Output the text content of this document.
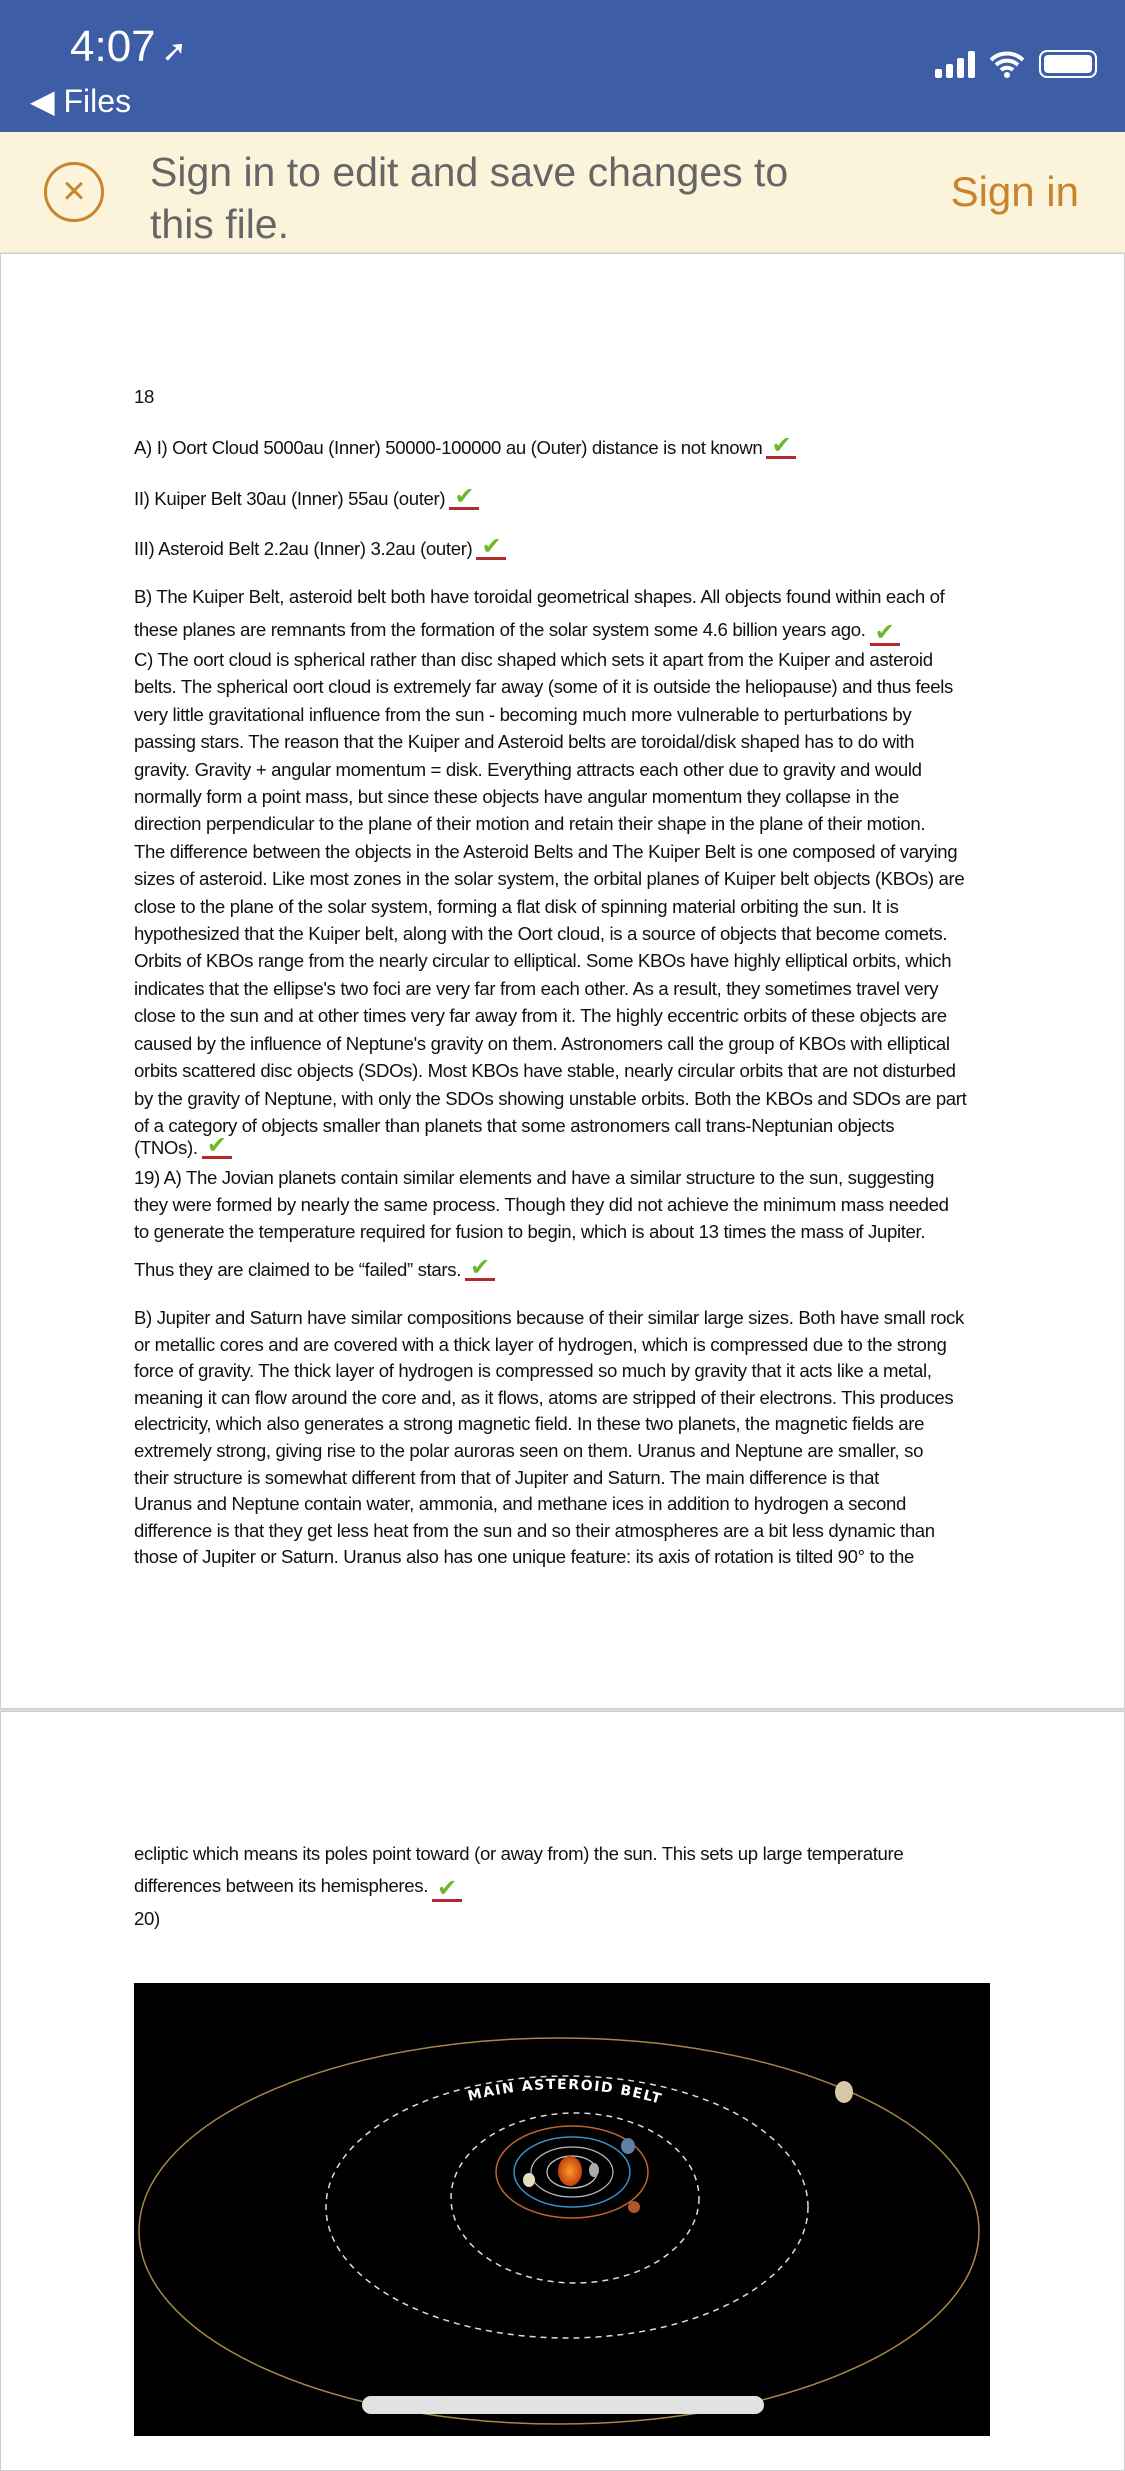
4:07 ➚
◀ Files
×	Sign in to edit and save changes to
this file.
Sign in
18
A) I) Oort Cloud 5000au (Inner) 50000-100000 au (Outer) distance is not known ✔
II) Kuiper Belt 30au (Inner) 55au (outer) ✔
III) Asteroid Belt 2.2au (Inner) 3.2au (outer) ✔
B) The Kuiper Belt, asteroid belt both have toroidal geometrical shapes. All objects found within each of
these planes are remnants from the formation of the solar system some 4.6 billion years ago. ✔
C) The oort cloud is spherical rather than disc shaped which sets it apart from the Kuiper and asteroid
belts. The spherical oort cloud is extremely far away (some of it is outside the heliopause) and thus feels
very little gravitational influence from the sun - becoming much more vulnerable to perturbations by
passing stars. The reason that the Kuiper and Asteroid belts are toroidal/disk shaped has to do with
gravity. Gravity + angular momentum = disk. Everything attracts each other due to gravity and would
normally form a point mass, but since these objects have angular momentum they collapse in the
direction perpendicular to the plane of their motion and retain their shape in the plane of their motion.
The difference between the objects in the Asteroid Belts and The Kuiper Belt is one composed of varying
sizes of asteroid. Like most zones in the solar system, the orbital planes of Kuiper belt objects (KBOs) are
close to the plane of the solar system, forming a flat disk of spinning material orbiting the sun. It is
hypothesized that the Kuiper belt, along with the Oort cloud, is a source of objects that become comets.
Orbits of KBOs range from the nearly circular to elliptical. Some KBOs have highly elliptical orbits, which
indicates that the ellipse's two foci are very far from each other. As a result, they sometimes travel very
close to the sun and at other times very far away from it. The highly eccentric orbits of these objects are
caused by the influence of Neptune's gravity on them. Astronomers call the group of KBOs with elliptical
orbits scattered disc objects (SDOs). Most KBOs have stable, nearly circular orbits that are not disturbed
by the gravity of Neptune, with only the SDOs showing unstable orbits. Both the KBOs and SDOs are part
of a category of objects smaller than planets that some astronomers call trans-Neptunian objects
(TNOs). ✔
19) A) The Jovian planets contain similar elements and have a similar structure to the sun, suggesting
they were formed by nearly the same process. Though they did not achieve the minimum mass needed
to generate the temperature required for fusion to begin, which is about 13 times the mass of Jupiter.
Thus they are claimed to be “failed” stars. ✔
B) Jupiter and Saturn have similar compositions because of their similar large sizes. Both have small rock
or metallic cores and are covered with a thick layer of hydrogen, which is compressed due to the strong
force of gravity. The thick layer of hydrogen is compressed so much by gravity that it acts like a metal,
meaning it can flow around the core and, as it flows, atoms are stripped of their electrons. This produces
electricity, which also generates a strong magnetic field. In these two planets, the magnetic fields are
extremely strong, giving rise to the polar auroras seen on them. Uranus and Neptune are smaller, so
their structure is somewhat different from that of Jupiter and Saturn. The main difference is that
Uranus and Neptune contain water, ammonia, and methane ices in addition to hydrogen a second
difference is that they get less heat from the sun and so their atmospheres are a bit less dynamic than
those of Jupiter or Saturn. Uranus also has one unique feature: its axis of rotation is tilted 90° to the
ecliptic which means its poles point toward (or away from) the sun. This sets up large temperature
differences between its hemispheres. ✔
20)
MAIN ASTEROID BELT
